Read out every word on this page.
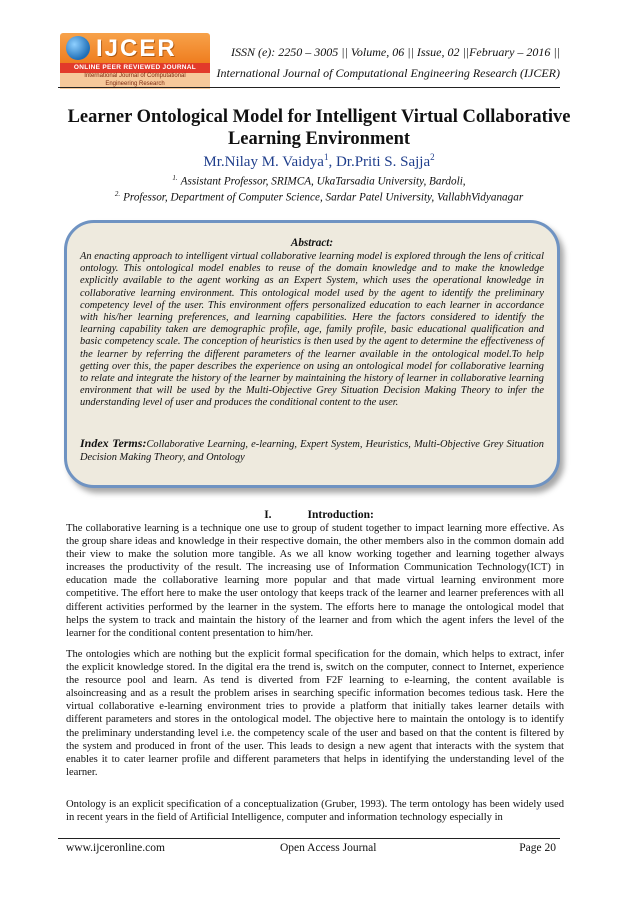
IJCER
ONLINE PEER REVIEWED JOURNAL
International Journal of Computational
Engineering Research
ISSN (e): 2250 – 3005 || Volume, 06 || Issue, 02 ||February – 2016 ||
International Journal of Computational Engineering Research (IJCER)
Learner Ontological Model for Intelligent Virtual Collaborative
Learning Environment
Mr.Nilay M. Vaidya$^1$, Dr.Priti S. Sajja$^2$
$^{1.}$ Assistant Professor, SRIMCA, UkaTarsadia University, Bardoli,
$^{2.}$ Professor, Department of Computer Science, Sardar Patel University, VallabhVidyanagar
Abstract:

An enacting approach to intelligent virtual collaborative learning model is explored through the lens of critical ontology. This ontological model enables to reuse of the domain knowledge and to make the knowledge explicitly available to the agent working as an Expert System, which uses the operational knowledge in collaborative learning environment. This ontological model used by the agent to identify the preliminary competency level of the user. This environment offers personalized education to each learner in accordance with his/her learning preferences, and learning capabilities. Here the factors considered to identify the learning capability taken are demographic profile, age, family profile, basic educational qualification and basic competency scale. The conception of heuristics is then used by the agent to determine the effectiveness of the learner by referring the different parameters of the learner available in the ontological model.To help getting over this, the paper describes the experience on using an ontological model for collaborative learning to relate and integrate the history of the learner by maintaining the history of learner in collaborative learning environment that will be used by the Multi-Objective Grey Situation Decision Making Theory to infer the understanding level of user and produces the conditional content to the user.

Index Terms:Collaborative Learning, e-learning, Expert System, Heuristics, Multi-Objective Grey Situation Decision Making Theory, and Ontology

I.	Introduction:

The collaborative learning is a technique one use to group of student together to impact learning more effective. As the group share ideas and knowledge in their respective domain, the other members also in the common domain add their view to make the solution more tangible. As we all know working together and learning together always increases the productivity of the result. The increasing use of Information Communication Technology(ICT) in education made the collaborative learning more popular and that made virtual learning environment more competitive. The effort here to make the user ontology that keeps track of the learner and learner preferences with all different activities performed by the learner in the system. The efforts here to manage the ontological model that helps the system to track and maintain the history of the learner and from which the agent infers the level of the learner for the conditional content presentation to him/her.

The ontologies which are nothing but the explicit formal specification for the domain, which helps to extract, infer the explicit knowledge stored. In the digital era the trend is, switch on the computer, connect to Internet, experience the resource pool and learn. As tend is diverted from F2F learning to e-learning, the content available is alsoincreasing and as a result the problem arises in searching specific information becomes tedious task. Here the virtual collaborative e-learning environment tries to provide a platform that initially takes learner details with different parameters and stores in the ontological model. The objective here to maintain the ontology is to identify the preliminary understanding level i.e. the competency scale of the user and based on that the content is filtered by the system and produced in front of the user. This leads to design a new agent that interacts with the system that enables it to cater learner profile and different parameters that helps in identifying the understanding level of the learner.

Ontology is an explicit specification of a conceptualization (Gruber, 1993). The term ontology has been widely used in recent years in the field of Artificial Intelligence, computer and information technology especially in

www.ijceronline.com	Open Access Journal	Page 20
